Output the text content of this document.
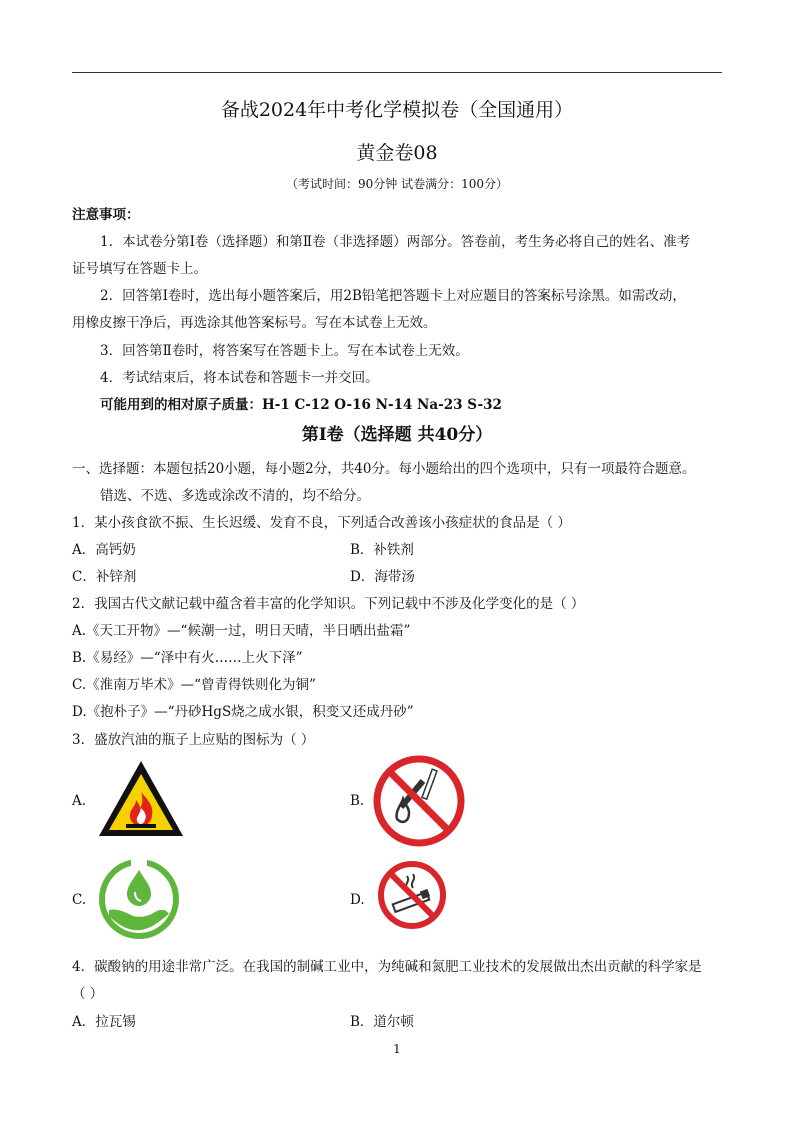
备战2024年中考化学模拟卷（全国通用）
黄金卷08
（考试时间：90分钟 试卷满分：100分）
注意事项：
1．本试卷分第Ⅰ卷（选择题）和第Ⅱ卷（非选择题）两部分。答卷前，考生务必将自己的姓名、准考
证号填写在答题卡上。
2．回答第Ⅰ卷时，选出每小题答案后，用2B铅笔把答题卡上对应题目的答案标号涂黑。如需改动，
用橡皮擦干净后，再选涂其他答案标号。写在本试卷上无效。
3．回答第Ⅱ卷时，将答案写在答题卡上。写在本试卷上无效。
4．考试结束后，将本试卷和答题卡一并交回。
可能用到的相对原子质量：H-1 C-12 O-16 N-14 Na-23 S-32
第Ⅰ卷（选择题 共40分）
一、选择题：本题包括20小题，每小题2分，共40分。每小题给出的四个选项中，只有一项最符合题意。
错选、不选、多选或涂改不清的，均不给分。
1．某小孩食欲不振、生长迟缓、发育不良，下列适合改善该小孩症状的食品是（ ）
A．高钙奶	B．补铁剂
C．补锌剂	D．海带汤
2．我国古代文献记载中蕴含着丰富的化学知识。下列记载中不涉及化学变化的是（ ）
A.《天工开物》—“候潮一过，明日天晴，半日晒出盐霜”
B.《易经》—“泽中有火……上火下泽”
C.《淮南万毕术》—“曾青得铁则化为铜”
D.《抱朴子》—“丹砂HgS烧之成水银，积变又还成丹砂”
3．盛放汽油的瓶子上应贴的图标为（ ）
A.	B.
C.	D.
4．碳酸钠的用途非常广泛。在我国的制碱工业中，为纯碱和氮肥工业技术的发展做出杰出贡献的科学家是
（ ）
A．拉瓦锡	B．道尔顿
1
